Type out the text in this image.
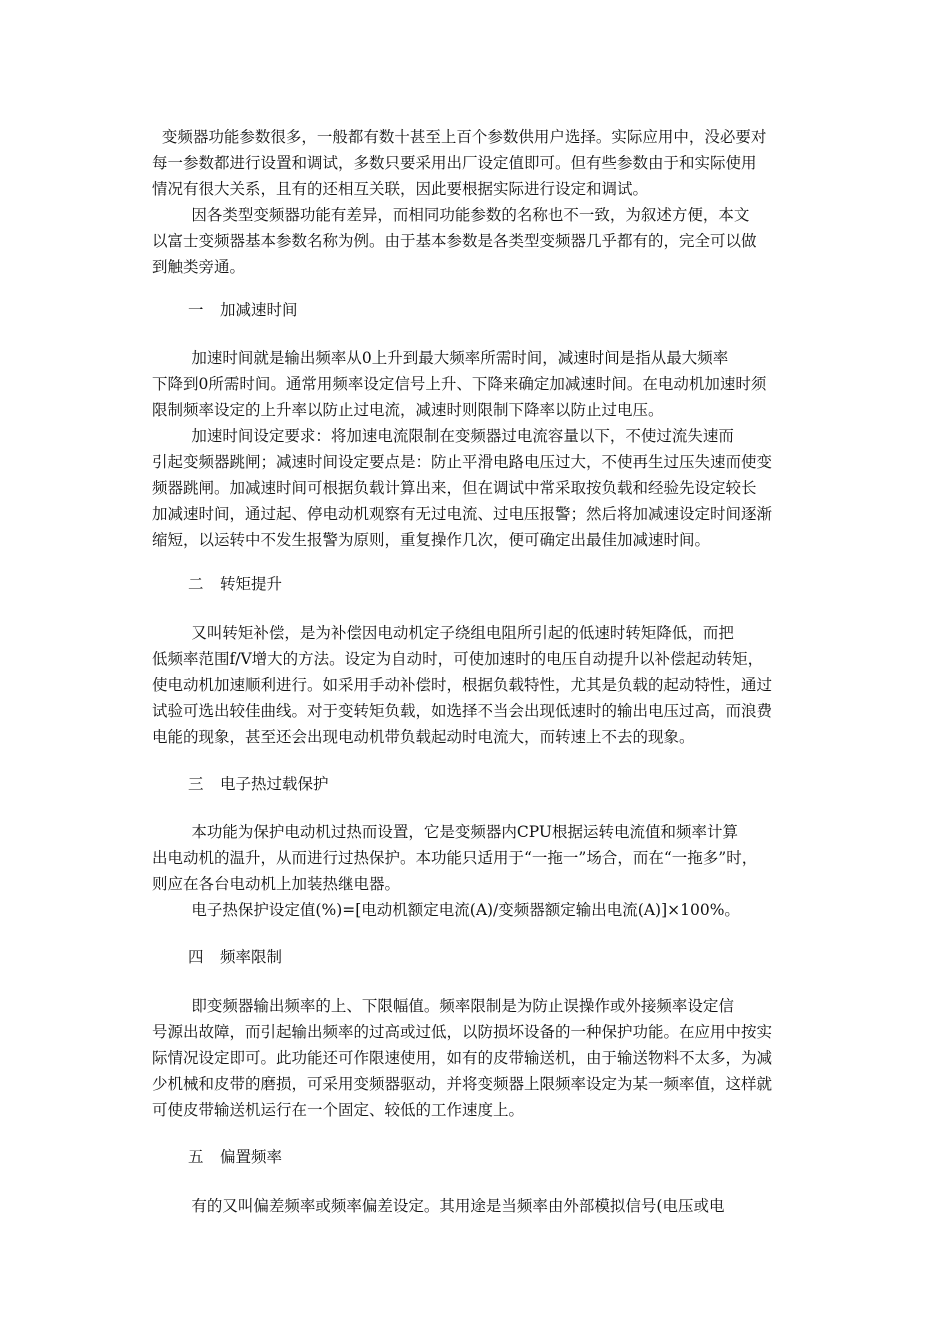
变频器功能参数很多，一般都有数十甚至上百个参数供用户选择。实际应用中，没必要对
每一参数都进行设置和调试，多数只要采用出厂设定值即可。但有些参数由于和实际使用
情况有很大关系，且有的还相互关联，因此要根据实际进行设定和调试。
因各类型变频器功能有差异，而相同功能参数的名称也不一致，为叙述方便，本文
以富士变频器基本参数名称为例。由于基本参数是各类型变频器几乎都有的，完全可以做
到触类旁通。
一 加减速时间
加速时间就是输出频率从0上升到最大频率所需时间，减速时间是指从最大频率
下降到0所需时间。通常用频率设定信号上升、下降来确定加减速时间。在电动机加速时须
限制频率设定的上升率以防止过电流，减速时则限制下降率以防止过电压。
加速时间设定要求：将加速电流限制在变频器过电流容量以下，不使过流失速而
引起变频器跳闸；减速时间设定要点是：防止平滑电路电压过大，不使再生过压失速而使变
频器跳闸。加减速时间可根据负载计算出来，但在调试中常采取按负载和经验先设定较长
加减速时间，通过起、停电动机观察有无过电流、过电压报警；然后将加减速设定时间逐渐
缩短，以运转中不发生报警为原则，重复操作几次，便可确定出最佳加减速时间。
二 转矩提升
又叫转矩补偿，是为补偿因电动机定子绕组电阻所引起的低速时转矩降低，而把
低频率范围f/V增大的方法。设定为自动时，可使加速时的电压自动提升以补偿起动转矩，
使电动机加速顺利进行。如采用手动补偿时，根据负载特性，尤其是负载的起动特性，通过
试验可选出较佳曲线。对于变转矩负载，如选择不当会出现低速时的输出电压过高，而浪费
电能的现象，甚至还会出现电动机带负载起动时电流大，而转速上不去的现象。
三 电子热过载保护
本功能为保护电动机过热而设置，它是变频器内CPU根据运转电流值和频率计算
出电动机的温升，从而进行过热保护。本功能只适用于“一拖一”场合，而在“一拖多”时，
则应在各台电动机上加装热继电器。
电子热保护设定值(%)=[电动机额定电流(A)/变频器额定输出电流(A)]×100%。
四 频率限制
即变频器输出频率的上、下限幅值。频率限制是为防止误操作或外接频率设定信
号源出故障，而引起输出频率的过高或过低，以防损坏设备的一种保护功能。在应用中按实
际情况设定即可。此功能还可作限速使用，如有的皮带输送机，由于输送物料不太多，为减
少机械和皮带的磨损，可采用变频器驱动，并将变频器上限频率设定为某一频率值，这样就
可使皮带输送机运行在一个固定、较低的工作速度上。
五 偏置频率
有的又叫偏差频率或频率偏差设定。其用途是当频率由外部模拟信号(电压或电
